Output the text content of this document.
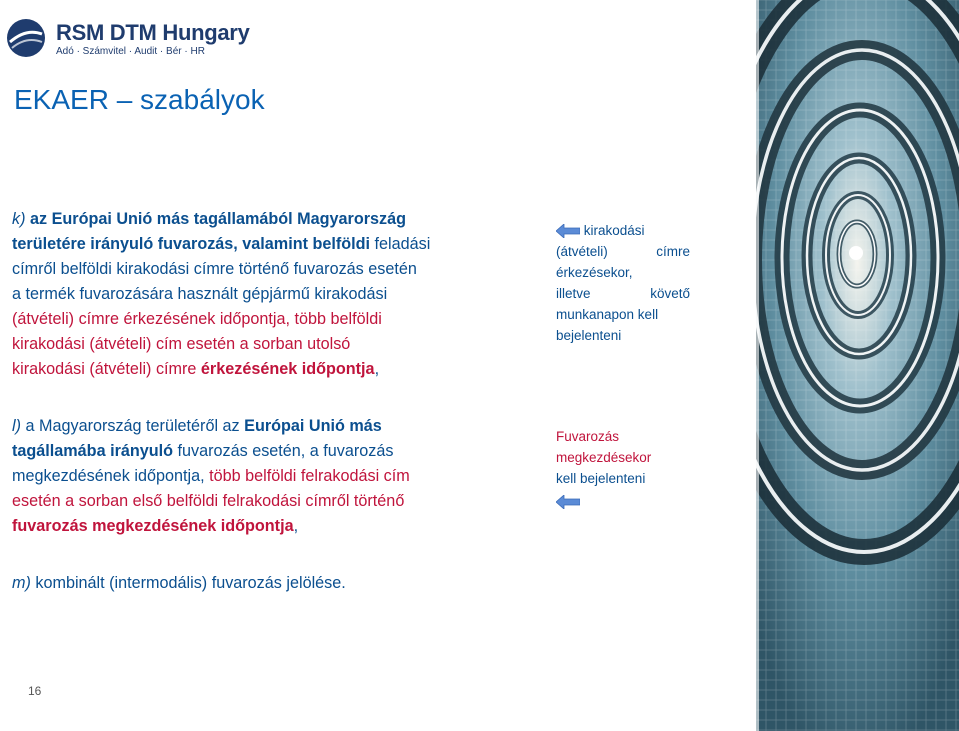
RSM DTM Hungary
Adó · Számvitel · Audit · Bér · HR
EKAER – szabályok
k) az Európai Unió más tagállamából Magyarország
területére irányuló fuvarozás, valamint belföldi feladási
címről belföldi kirakodási címre történő fuvarozás esetén
a termék fuvarozására használt gépjármű kirakodási
(átvételi) címre érkezésének időpontja, több belföldi
kirakodási (átvételi) cím esetén a sorban utolsó
kirakodási (átvételi) címre érkezésének időpontja,
l) a Magyarország területéről az Európai Unió más
tagállamába irányuló fuvarozás esetén, a fuvarozás
megkezdésének időpontja, több belföldi felrakodási cím
esetén a sorban első belföldi felrakodási címről történő
fuvarozás megkezdésének időpontja,
m) kombinált (intermodális) fuvarozás jelölése.
kirakodási
(átvételi)	címre
érkezésekor,
illetve	követő
munkanapon kell
bejelenteni
Fuvarozás
megkezdésekor
kell bejelenteni
16
